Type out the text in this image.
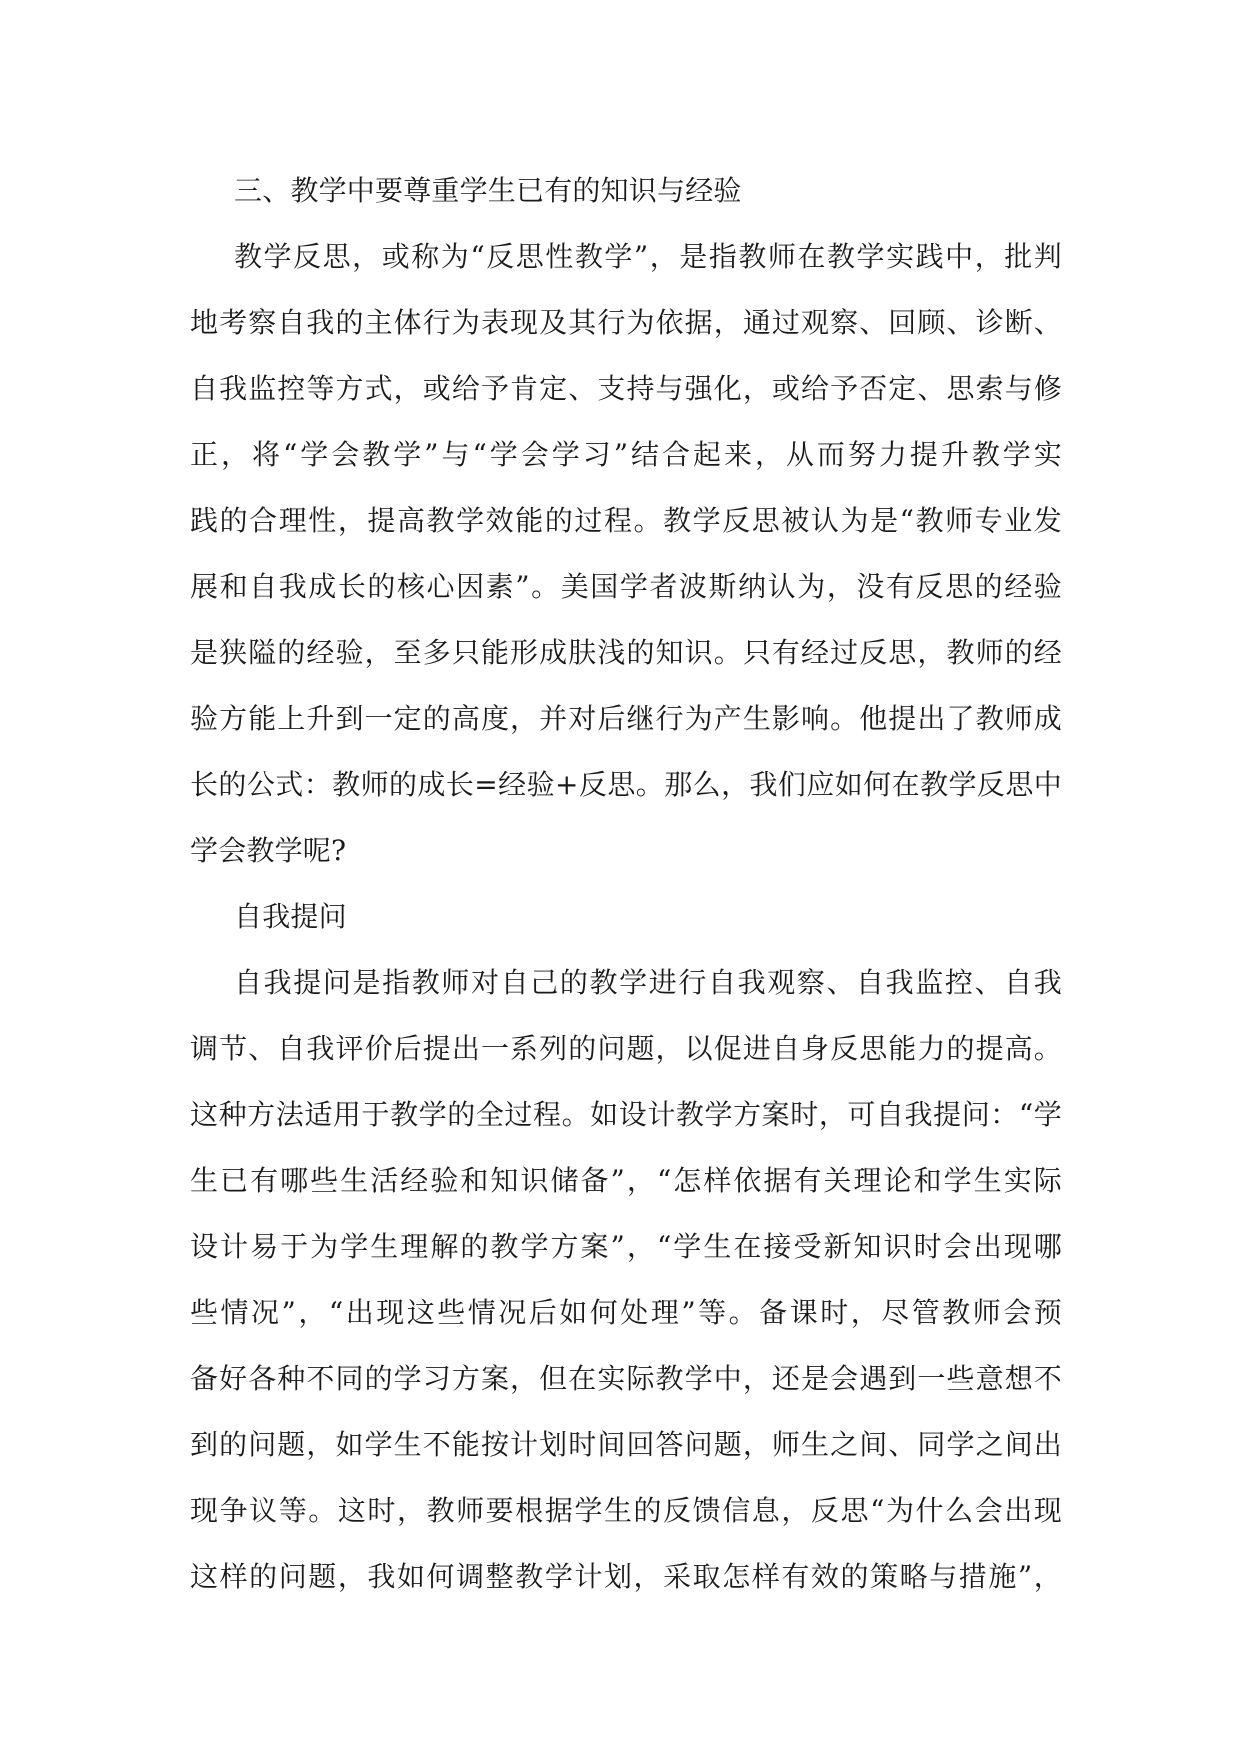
三、教学中要尊重学生已有的知识与经验
教学反思，或称为“反思性教学”，是指教师在教学实践中，批判
地考察自我的主体行为表现及其行为依据，通过观察、回顾、诊断、
自我监控等方式，或给予肯定、支持与强化，或给予否定、思索与修
正，将“学会教学”与“学会学习”结合起来，从而努力提升教学实
践的合理性，提高教学效能的过程。教学反思被认为是“教师专业发
展和自我成长的核心因素”。美国学者波斯纳认为，没有反思的经验
是狭隘的经验，至多只能形成肤浅的知识。只有经过反思，教师的经
验方能上升到一定的高度，并对后继行为产生影响。他提出了教师成
长的公式：教师的成长=经验+反思。那么，我们应如何在教学反思中
学会教学呢?
自我提问
自我提问是指教师对自己的教学进行自我观察、自我监控、自我
调节、自我评价后提出一系列的问题，以促进自身反思能力的提高。
这种方法适用于教学的全过程。如设计教学方案时，可自我提问：“学
生已有哪些生活经验和知识储备”，“怎样依据有关理论和学生实际
设计易于为学生理解的教学方案”，“学生在接受新知识时会出现哪
些情况”，“出现这些情况后如何处理”等。备课时，尽管教师会预
备好各种不同的学习方案，但在实际教学中，还是会遇到一些意想不
到的问题，如学生不能按计划时间回答问题，师生之间、同学之间出
现争议等。这时，教师要根据学生的反馈信息，反思“为什么会出现
这样的问题，我如何调整教学计划，采取怎样有效的策略与措施”，
